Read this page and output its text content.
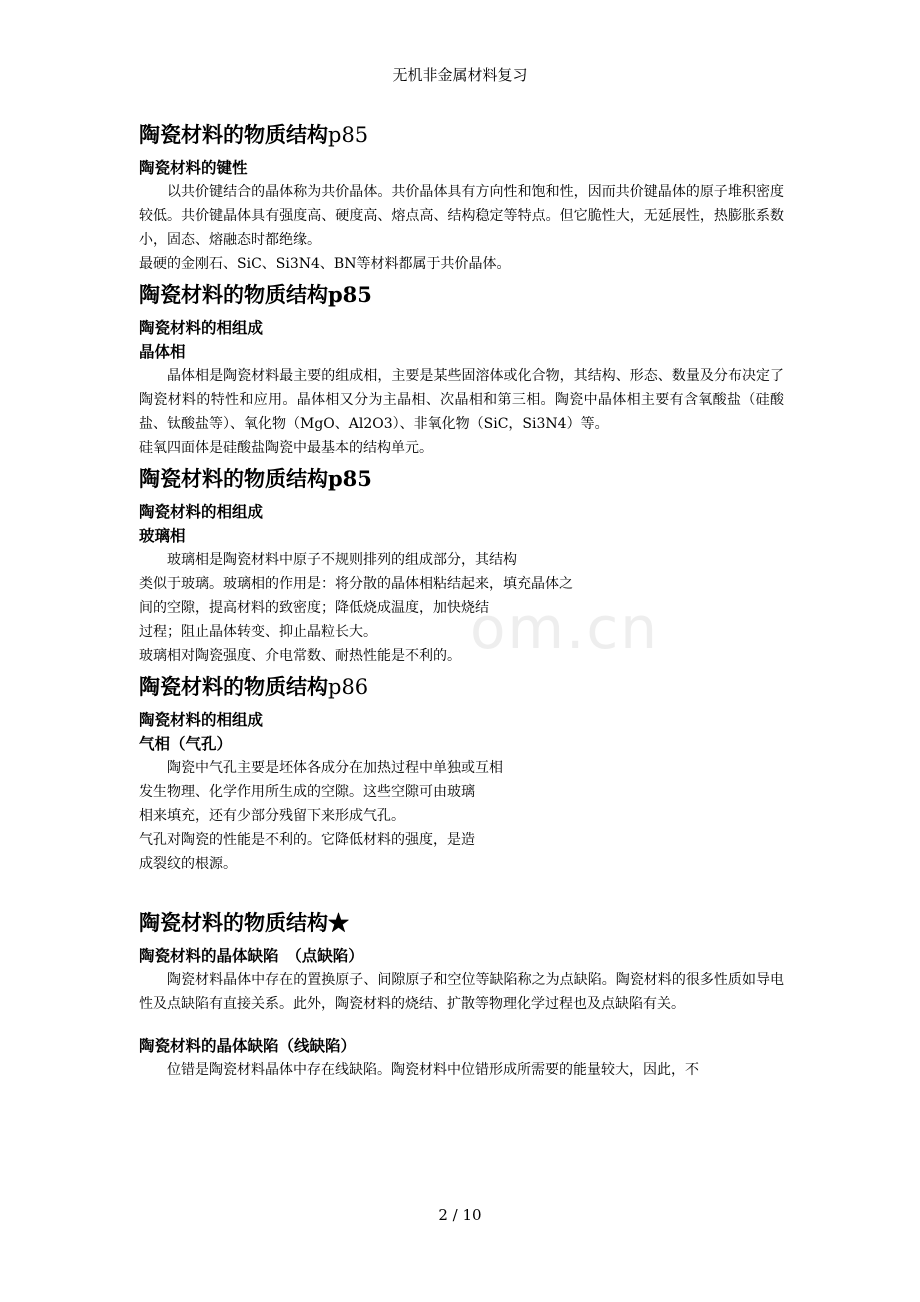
无机非金属材料复习
om.cn
陶瓷材料的物质结构p85
陶瓷材料的键性

以共价键结合的晶体称为共价晶体。共价晶体具有方向性和饱和性，因而共价键晶体的原子堆积密度较低。共价键晶体具有强度高、硬度高、熔点高、结构稳定等特点。但它脆性大，无延展性，热膨胀系数小，固态、熔融态时都绝缘。

最硬的金刚石、SiC、Si3N4、BN等材料都属于共价晶体。

陶瓷材料的物质结构p85
陶瓷材料的相组成
晶体相

晶体相是陶瓷材料最主要的组成相，主要是某些固溶体或化合物，其结构、形态、数量及分布决定了陶瓷材料的特性和应用。晶体相又分为主晶相、次晶相和第三相。陶瓷中晶体相主要有含氧酸盐（硅酸盐、钛酸盐等）、氧化物（MgO、Al2O3）、非氧化物（SiC，Si3N4）等。

硅氧四面体是硅酸盐陶瓷中最基本的结构单元。

陶瓷材料的物质结构p85
陶瓷材料的相组成
玻璃相

玻璃相是陶瓷材料中原子不规则排列的组成部分，其结构

类似于玻璃。玻璃相的作用是：将分散的晶体相粘结起来，填充晶体之

间的空隙，提高材料的致密度；降低烧成温度，加快烧结

过程；阻止晶体转变、抑止晶粒长大。

玻璃相对陶瓷强度、介电常数、耐热性能是不利的。

陶瓷材料的物质结构p86
陶瓷材料的相组成
气相（气孔）

陶瓷中气孔主要是坯体各成分在加热过程中单独或互相

发生物理、化学作用所生成的空隙。这些空隙可由玻璃

相来填充，还有少部分残留下来形成气孔。

气孔对陶瓷的性能是不利的。它降低材料的强度，是造

成裂纹的根源。

陶瓷材料的物质结构★
陶瓷材料的晶体缺陷　（点缺陷）

陶瓷材料晶体中存在的置换原子、间隙原子和空位等缺陷称之为点缺陷。陶瓷材料的很多性质如导电性及点缺陷有直接关系。此外，陶瓷材料的烧结、扩散等物理化学过程也及点缺陷有关。

陶瓷材料的晶体缺陷（线缺陷）

位错是陶瓷材料晶体中存在线缺陷。陶瓷材料中位错形成所需要的能量较大，因此，不

2 / 10
